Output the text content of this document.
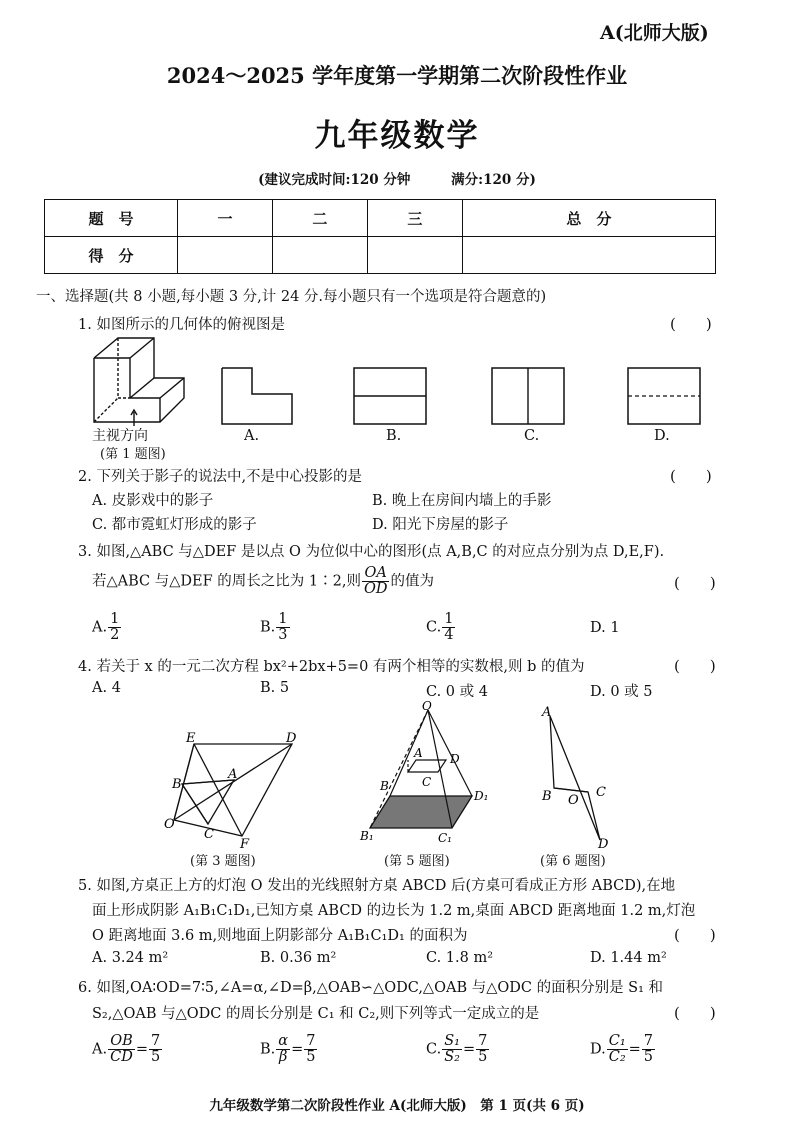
A(北师大版)
2024～2025 学年度第一学期第二次阶段性作业
九年级数学
(建议完成时间:120 分钟	满分:120 分)
题　号	一	二	三	总　分
得　分				
一、选择题(共 8 小题,每小题 3 分,计 24 分.每小题只有一个选项是符合题意的)
1. 如图所示的几何体的俯视图是	(　　)
主视方向
(第 1 题图)
A.	B.	C.	D.
2. 下列关于影子的说法中,不是中心投影的是	(　　)
A. 皮影戏中的影子	B. 晚上在房间内墙上的手影
C. 都市霓虹灯形成的影子	D. 阳光下房屋的影子
3. 如图,△ABC 与△DEF 是以点 O 为位似中心的图形(点 A,B,C 的对应点分别为点 D,E,F).
若△ABC 与△DEF 的周长之比为 1∶2,则 $\frac{OA}{OD}$ 的值为	(　　)
A. $\frac{1}{2}$	B. $\frac{1}{3}$	C. $\frac{1}{4}$	D. 1
4. 若关于 x 的一元二次方程 bx²+2bx+5=0 有两个相等的实数根,则 b 的值为	(　　)
A. 4	B. 5	C. 0 或 4	D. 0 或 5
E	D
B
A
O
C
F
(第 3 题图)
O
A D
B	C
D₁
B₁	C₁
(第 5 题图)
A
B O
C
D
(第 6 题图)
5. 如图,方桌正上方的灯泡 O 发出的光线照射方桌 ABCD 后(方桌可看成正方形 ABCD),在地
面上形成阴影 A₁B₁C₁D₁,已知方桌 ABCD 的边长为 1.2 m,桌面 ABCD 距离地面 1.2 m,灯泡
O 距离地面 3.6 m,则地面上阴影部分 A₁B₁C₁D₁ 的面积为	(　　)
A. 3.24 m²	B. 0.36 m²	C. 1.8 m²	D. 1.44 m²
6. 如图,OA∶OD=7∶5,∠A=α,∠D=β,△OAB∽△ODC,△OAB 与△ODC 的面积分别是 S₁ 和
S₂,△OAB 与△ODC 的周长分别是 C₁ 和 C₂,则下列等式一定成立的是	(　　)
A. $\frac{OB}{CD} = \frac{7}{5}$	B. $\frac{\alpha}{\beta} = \frac{7}{5}$	C. $\frac{\text{S₁}}{\text{S₂}} = \frac{7}{5}$	D. $\frac{\text{C₁}}{\text{C₂}} = \frac{7}{5}$
九年级数学第二次阶段性作业 A(北师大版)　第 1 页(共 6 页)
